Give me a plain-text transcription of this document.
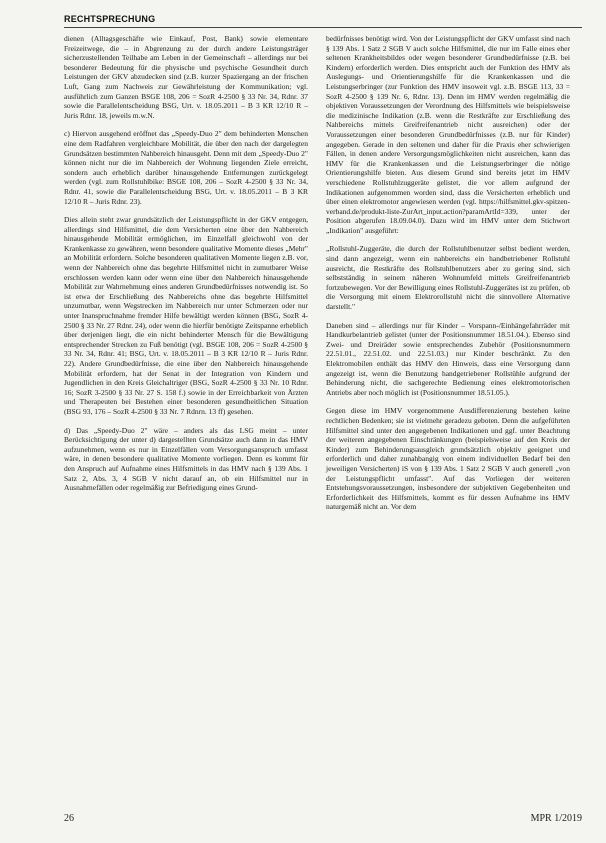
RECHTSPRECHUNG

dienen (Alltagsgeschäfte wie Einkauf, Post, Bank) sowie elementare Freizeitwege, die – in Abgrenzung zu der durch andere Leistungsträger sicherzustellenden Teilhabe am Leben in der Gemeinschaft – allerdings nur bei besonderer Bedeutung für die physische und psychische Gesundheit durch Leistungen der GKV abzudecken sind (z.B. kurzer Spaziergang an der frischen Luft, Gang zum Nachweis zur Gewährleistung der Kommunikation; vgl. ausführlich zum Ganzen BSGE 108, 206 = SozR 4-2500 § 33 Nr. 34, Rdnr. 37 sowie die Parallelentscheidung BSG, Urt. v. 18.05.2011 – B 3 KR 12/10 R – Juris Rdnr. 18, jeweils m.w.N.

c) Hiervon ausgehend eröffnet das „Speedy-Duo 2" dem behinderten Menschen eine dem Radfahren vergleichbare Mobilität, die über den nach der dargelegten Grundsätzen bestimmten Nahbereich hinausgeht. Denn mit dem „Speedy-Duo 2" können nicht nur die im Nahbereich der Wohnung liegenden Ziele erreicht, sondern auch erheblich darüber hinausgehende Entfernungen zurückgelegt werden (vgl. zum Rollstuhlbike: BSGE 108, 206 – SozR 4-2500 § 33 Nr. 34, Rdnr. 41, sowie die Parallelentscheidung BSG, Urt. v. 18.05.2011 – B 3 KR 12/10 R – Juris Rdnr. 23).

Dies allein steht zwar grundsätzlich der Leistungspflicht in der GKV entgegen, allerdings sind Hilfsmittel, die dem Versicherten eine über den Nahbereich hinausgehende Mobilität ermöglichen, im Einzelfall gleichwohl von der Krankenkasse zu gewähren, wenn besondere qualitative Momente dieses „Mehr" an Mobilität erfordern. Solche besonderen qualitativen Momente liegen z.B. vor, wenn der Nahbereich ohne das begehrte Hilfsmittel nicht in zumutbarer Weise erschlossen werden kann oder wenn eine über den Nahbereich hinausgehende Mobilität zur Wahrnehmung eines anderen Grundbedürfnisses notwendig ist. So ist etwa der Erschließung des Nahbereichs ohne das begehrte Hilfsmittel unzumutbar, wenn Wegstrecken im Nahbereich nur unter Schmerzen oder nur unter Inanspruchnahme fremder Hilfe bewältigt werden können (BSG, SozR 4-2500 § 33 Nr. 27 Rdnr. 24), oder wenn die hierfür benötigte Zeitspanne erheblich über derjenigen liegt, die ein nicht behinderter Mensch für die Bewältigung entsprechender Strecken zu Fuß benötigt (vgl. BSGE 108, 206 = SozR 4-2500 § 33 Nr. 34, Rdnr. 41; BSG, Urt. v. 18.05.2011 – B 3 KR 12/10 R – Juris Rdnr. 22). Andere Grundbedürfnisse, die eine über den Nahbereich hinausgehende Mobilität erfordern, hat der Senat in der Integration von Kindern und Jugendlichen in den Kreis Gleichaltriger (BSG, SozR 4-2500 § 33 Nr. 10 Rdnr. 16; SozR 3-2500 § 33 Nr. 27 S. 158 f.) sowie in der Erreichbarkeit von Ärzten und Therapeuten bei Bestehen einer besonderen gesundheitlichen Situation (BSG 93, 176 – SozR 4-2500 § 33 Nr. 7 Rdnrn. 13 ff) gesehen.

d) Das „Speedy-Duo 2" wäre – anders als das LSG meint – unter Berücksichtigung der unter d) dargestellten Grundsätze auch dann in das HMV aufzunehmen, wenn es nur in Einzelfällen vom Versorgungsanspruch umfasst wäre, in denen besondere qualitative Momente vorliegen. Denn es kommt für den Anspruch auf Aufnahme eines Hilfsmittels in das HMV nach § 139 Abs. 1 Satz 2, Abs. 3, 4 SGB V nicht darauf an, ob ein Hilfsmittel nur in Ausnahmefällen oder regelmäßig zur Befriedigung eines Grund-

bedürfnisses benötigt wird. Von der Leistungspflicht der GKV umfasst sind nach § 139 Abs. 1 Satz 2 SGB V auch solche Hilfsmittel, die nur im Falle eines eher seltenen Krankheitsbildes oder wegen besonderer Grundbedürfnisse (z.B. bei Kindern) erforderlich werden. Dies entspricht auch der Funktion des HMV als Auslegungs- und Orientierungshilfe für die Krankenkassen und die Leistungserbringer (zur Funktion des HMV insoweit vgl. z.B. BSGE 113, 33 = SozR 4-2500 § 139 Nr. 6, Rdnr. 13). Denn im HMV werden regelmäßig die objektiven Voraussetzungen der Verordnung des Hilfsmittels wie beispielsweise die medizinische Indikation (z.B. wenn die Restkräfte zur Erschließung des Nahbereichs mittels Greifreifenantrieb nicht ausreichen) oder der Voraussetzungen einer besonderen Grundbedürfnisses (z.B. nur für Kinder) angegeben. Gerade in den seltenen und daher für die Praxis eher schwierigen Fällen, in denen andere Versorgungsmöglichkeiten nicht ausreichen, kann das HMV für die Krankenkassen und die Leistungserbringer die nötige Orientierungshilfe bieten. Aus diesem Grund sind bereits jetzt im HMV verschiedene Rollstuhlzuggeräte gelistet, die vor allem aufgrund der Indikationen aufgenommen worden sind, dass die Versicherten erheblich und über einen elektromotor angewiesen werden (vgl. https://hilfsmittel.gkv-spitzen-verband.de/produkt-liste-ZurArt_input.action?paramArtId=339, unter der Position abgerufen 18.09.04.0). Dazu wird im HMV unter dem Stichwort „Indikation" ausgeführt:

„Rollstuhl-Zuggeräte, die durch der Rollstuhlbenutzer selbst bedient werden, sind dann angezeigt, wenn ein nahbereichs ein handbetriebener Rollstuhl ausreicht, die Restkräfte des Rollstuhlbenutzers aber zu gering sind, sich selbstständig in seinem näheren Wohnumfeld mittels Greifreifenantrieb fortzubewegen. Vor der Bewilligung eines Rollstuhl-Zuggerätes ist zu prüfen, ob die Versorgung mit einem Elektrorollstuhl nicht die sinnvollere Alternative darstellt."

Daneben sind – allerdings nur für Kinder – Vorspann-/Einhängefahrräder mit Handkurbelantrieb gelistet (unter der Positionsnummer 18.51.04.). Ebenso sind Zwei- und Dreiräder sowie entsprechendes Zubehör (Positionsnummern 22.51.01., 22.51.02. und 22.51.03.) nur Kinder beschränkt. Zu den Elektromobilen enthält das HMV den Hinweis, dass eine Versorgung dann angezeigt ist, wenn die Benutzung handgetriebener Rollstühle aufgrund der Behinderung nicht, die sachgerechte Bedienung eines elektromotorischen Antriebs aber noch möglich ist (Positionsnummer 18.51.05.).

Gegen diese im HMV vorgenommene Ausdifferenzierung bestehen keine rechtlichen Bedenken; sie ist vielmehr geradezu geboten. Denn die aufgeführten Hilfsmittel sind unter den angegebenen Indikationen und ggf. unter Beachtung der weiteren angegebenen Einschränkungen (beispielsweise auf den Kreis der Kinder) zum Behinderungsausgleich grundsätzlich objektiv geeignet und erforderlich und daher zunahbangig von einem individuellen Bedarf bei den jeweiligen Versicherten) iS von § 139 Abs. 1 Satz 2 SGB V auch generell „von der Leistungspflicht umfasst". Auf das Vorliegen der weiteren Entstehungsvoraussetzungen, insbesondere der subjektiven Gegebenheiten und Erforderlichkeit des Hilfsmittels, kommt es für dessen Aufnahme ins HMV naturgemäß nicht an. Vor dem

26	MPR 1/2019
